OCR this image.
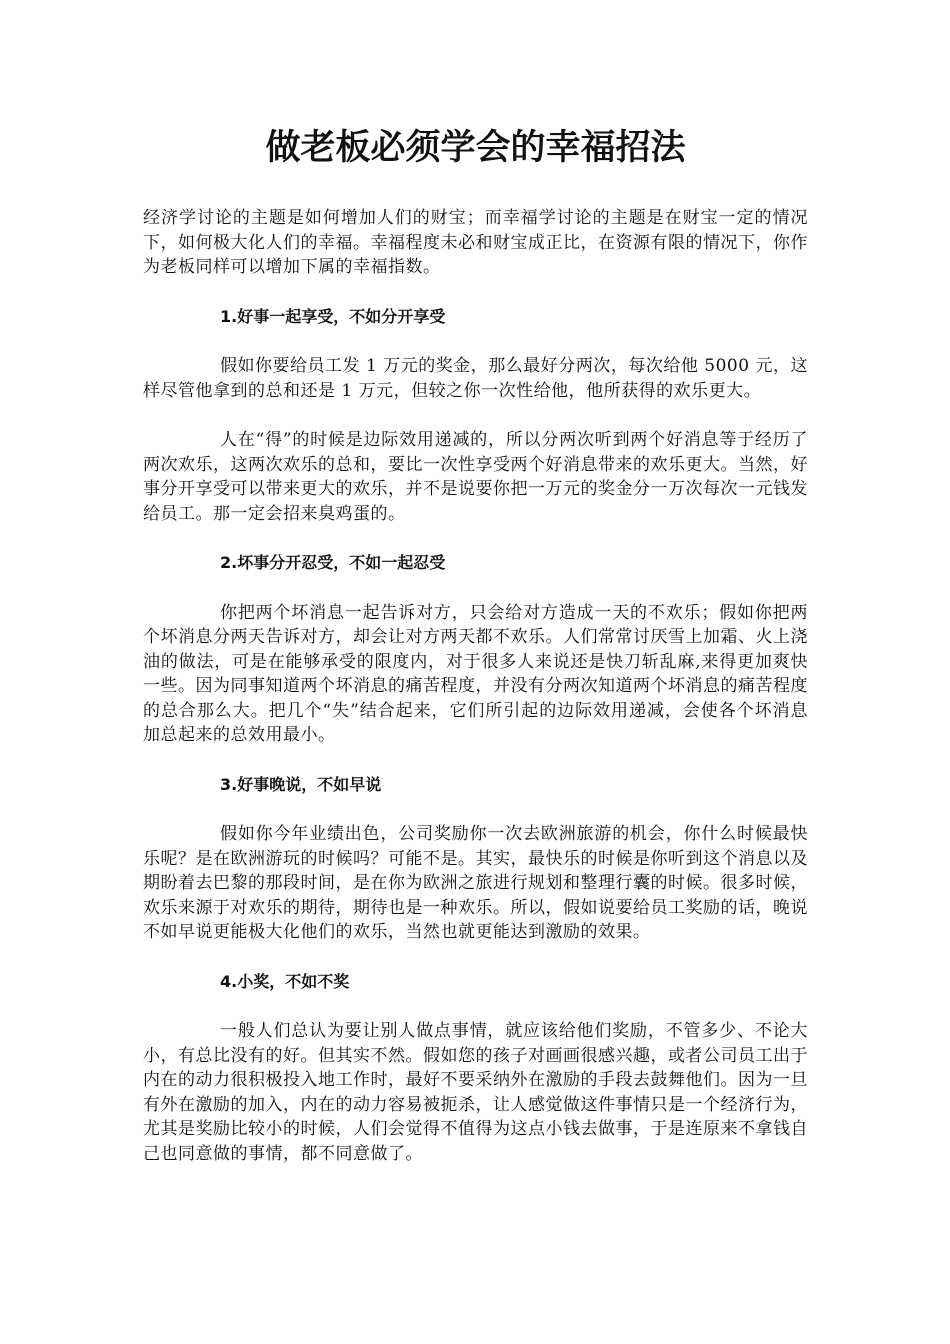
做老板必须学会的幸福招法

经济学讨论的主题是如何增加人们的财宝；而幸福学讨论的主题是在财宝一定的情况下，如何极大化人们的幸福。幸福程度未必和财宝成正比，在资源有限的情况下，你作为老板同样可以增加下属的幸福指数。

1.好事一起享受，不如分开享受

假如你要给员工发 1 万元的奖金，那么最好分两次，每次给他 5000 元，这样尽管他拿到的总和还是 1 万元，但较之你一次性给他，他所获得的欢乐更大。

人在“得”的时候是边际效用递减的，所以分两次听到两个好消息等于经历了两次欢乐，这两次欢乐的总和，要比一次性享受两个好消息带来的欢乐更大。当然，好事分开享受可以带来更大的欢乐，并不是说要你把一万元的奖金分一万次每次一元钱发给员工。那一定会招来臭鸡蛋的。

2.坏事分开忍受，不如一起忍受

你把两个坏消息一起告诉对方，只会给对方造成一天的不欢乐；假如你把两个坏消息分两天告诉对方，却会让对方两天都不欢乐。人们常常讨厌雪上加霜、火上浇油的做法，可是在能够承受的限度内，对于很多人来说还是快刀斩乱麻,来得更加爽快一些。因为同事知道两个坏消息的痛苦程度，并没有分两次知道两个坏消息的痛苦程度的总合那么大。把几个“失”结合起来，它们所引起的边际效用递减，会使各个坏消息加总起来的总效用最小。

3.好事晚说，不如早说

假如你今年业绩出色，公司奖励你一次去欧洲旅游的机会，你什么时候最快乐呢？是在欧洲游玩的时候吗？可能不是。其实，最快乐的时候是你听到这个消息以及期盼着去巴黎的那段时间，是在你为欧洲之旅进行规划和整理行囊的时候。很多时候，欢乐来源于对欢乐的期待，期待也是一种欢乐。所以，假如说要给员工奖励的话，晚说不如早说更能极大化他们的欢乐，当然也就更能达到激励的效果。

4.小奖，不如不奖

一般人们总认为要让别人做点事情，就应该给他们奖励，不管多少、不论大小，有总比没有的好。但其实不然。假如您的孩子对画画很感兴趣，或者公司员工出于内在的动力很积极投入地工作时，最好不要采纳外在激励的手段去鼓舞他们。因为一旦有外在激励的加入，内在的动力容易被扼杀，让人感觉做这件事情只是一个经济行为，尤其是奖励比较小的时候，人们会觉得不值得为这点小钱去做事，于是连原来不拿钱自己也同意做的事情，都不同意做了。
